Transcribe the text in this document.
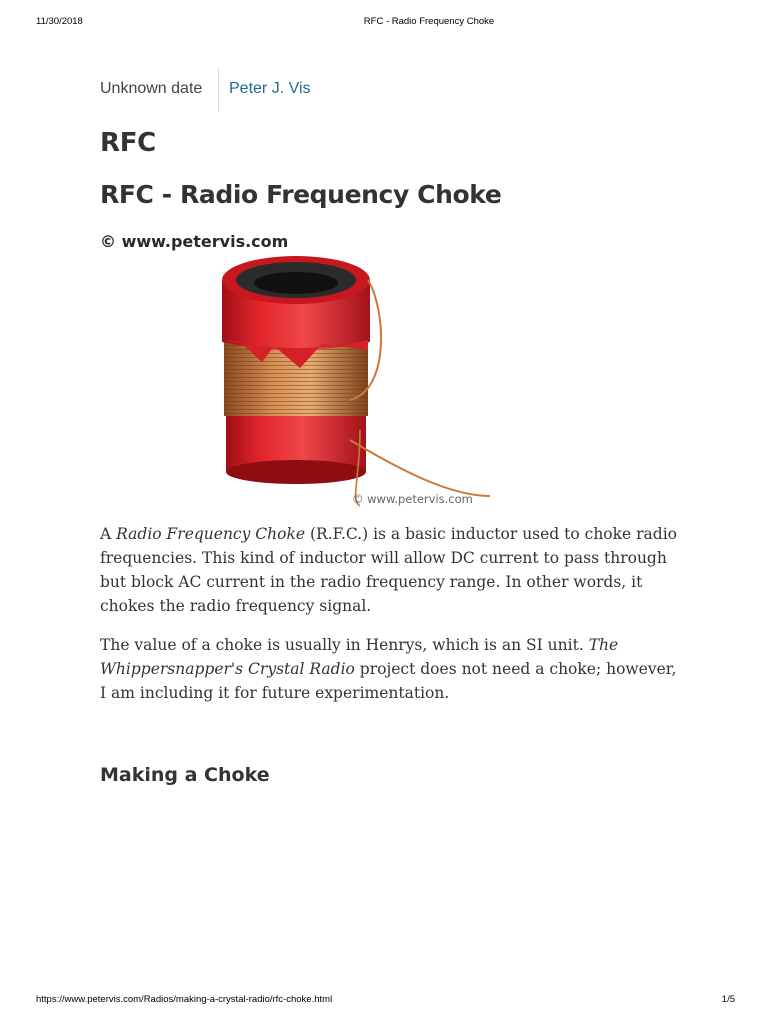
11/30/2018	RFC - Radio Frequency Choke
Unknown date Peter J. Vis
RFC
RFC - Radio Frequency Choke
© www.petervis.com
© www.petervis.com

A Radio Frequency Choke (R.F.C.) is a basic inductor used to choke radio frequencies. This kind of inductor will allow DC current to pass through but block AC current in the radio frequency range. In other words, it chokes the radio frequency signal.

The value of a choke is usually in Henrys, which is an SI unit. The Whippersnapper's Crystal Radio project does not need a choke; however, I am including it for future experimentation.

Making a Choke
https://www.petervis.com/Radios/making-a-crystal-radio/rfc-choke.html	1/5
